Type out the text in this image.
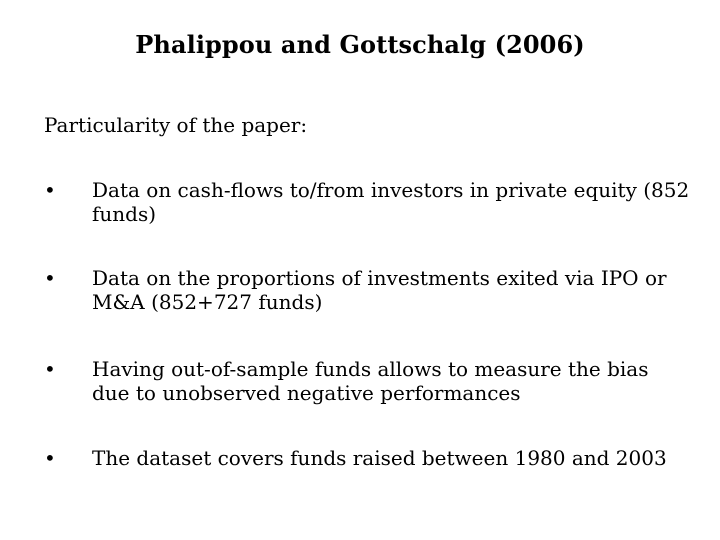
Phalippou and Gottschalg (2006)
Particularity of the paper:
• Data on cash-flows to/from investors in private equity (852 funds)
• Data on the proportions of investments exited via IPO or M&A (852+727 funds)
• Having out-of-sample funds allows to measure the bias due to unobserved negative performances
• The dataset covers funds raised between 1980 and 2003
